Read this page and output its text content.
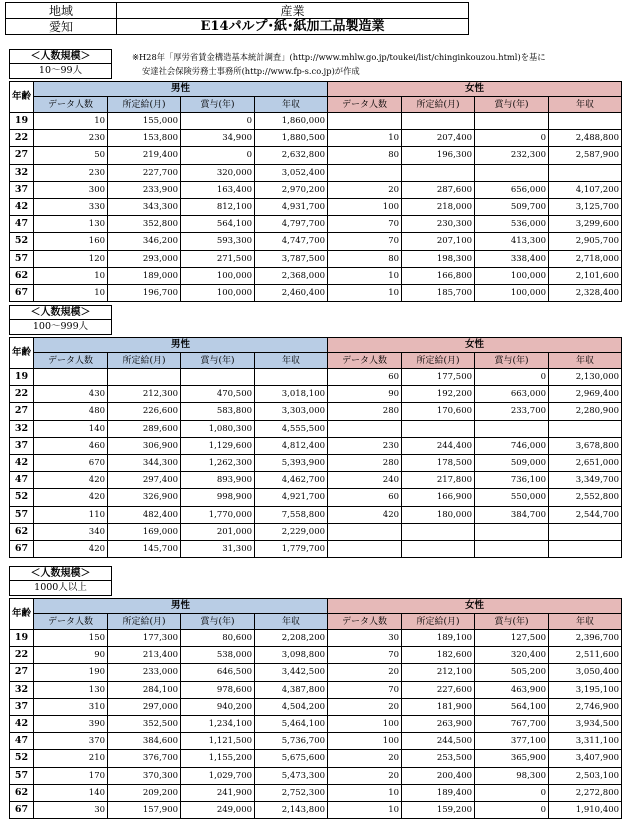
地域	産業
愛知	E14パルプ･紙･紙加工品製造業
※H28年「厚労省賃金構造基本統計調査」(http://www.mhlw.go.jp/toukei/list/chinginkouzou.html)を基に
安達社会保険労務士事務所(http://www.fp-s.co.jp)が作成
＜人数規模＞
10～99人
年齢	男性				女性			
	データ人数	所定給(月)	賞与(年)	年収	データ人数	所定給(月)	賞与(年)	年収
19	10	155,000	0	1,860,000				
22	230	153,800	34,900	1,880,500	10	207,400	0	2,488,800
27	50	219,400	0	2,632,800	80	196,300	232,300	2,587,900
32	230	227,700	320,000	3,052,400				
37	300	233,900	163,400	2,970,200	20	287,600	656,000	4,107,200
42	330	343,300	812,100	4,931,700	100	218,000	509,700	3,125,700
47	130	352,800	564,100	4,797,700	70	230,300	536,000	3,299,600
52	160	346,200	593,300	4,747,700	70	207,100	413,300	2,905,700
57	120	293,000	271,500	3,787,500	80	198,300	338,400	2,718,000
62	10	189,000	100,000	2,368,000	10	166,800	100,000	2,101,600
67	10	196,700	100,000	2,460,400	10	185,700	100,000	2,328,400
＜人数規模＞
100～999人
年齢	男性				女性			
	データ人数	所定給(月)	賞与(年)	年収	データ人数	所定給(月)	賞与(年)	年収
19					60	177,500	0	2,130,000
22	430	212,300	470,500	3,018,100	90	192,200	663,000	2,969,400
27	480	226,600	583,800	3,303,000	280	170,600	233,700	2,280,900
32	140	289,600	1,080,300	4,555,500				
37	460	306,900	1,129,600	4,812,400	230	244,400	746,000	3,678,800
42	670	344,300	1,262,300	5,393,900	280	178,500	509,000	2,651,000
47	420	297,400	893,900	4,462,700	240	217,800	736,100	3,349,700
52	420	326,900	998,900	4,921,700	60	166,900	550,000	2,552,800
57	110	482,400	1,770,000	7,558,800	420	180,000	384,700	2,544,700
62	340	169,000	201,000	2,229,000				
67	420	145,700	31,300	1,779,700				
＜人数規模＞
1000人以上
年齢	男性				女性			
	データ人数	所定給(月)	賞与(年)	年収	データ人数	所定給(月)	賞与(年)	年収
19	150	177,300	80,600	2,208,200	30	189,100	127,500	2,396,700
22	90	213,400	538,000	3,098,800	70	182,600	320,400	2,511,600
27	190	233,000	646,500	3,442,500	20	212,100	505,200	3,050,400
32	130	284,100	978,600	4,387,800	70	227,600	463,900	3,195,100
37	310	297,000	940,200	4,504,200	20	181,900	564,100	2,746,900
42	390	352,500	1,234,100	5,464,100	100	263,900	767,700	3,934,500
47	370	384,600	1,121,500	5,736,700	100	244,500	377,100	3,311,100
52	210	376,700	1,155,200	5,675,600	20	253,500	365,900	3,407,900
57	170	370,300	1,029,700	5,473,300	20	200,400	98,300	2,503,100
62	140	209,200	241,900	2,752,300	10	189,400	0	2,272,800
67	30	157,900	249,000	2,143,800	10	159,200	0	1,910,400
